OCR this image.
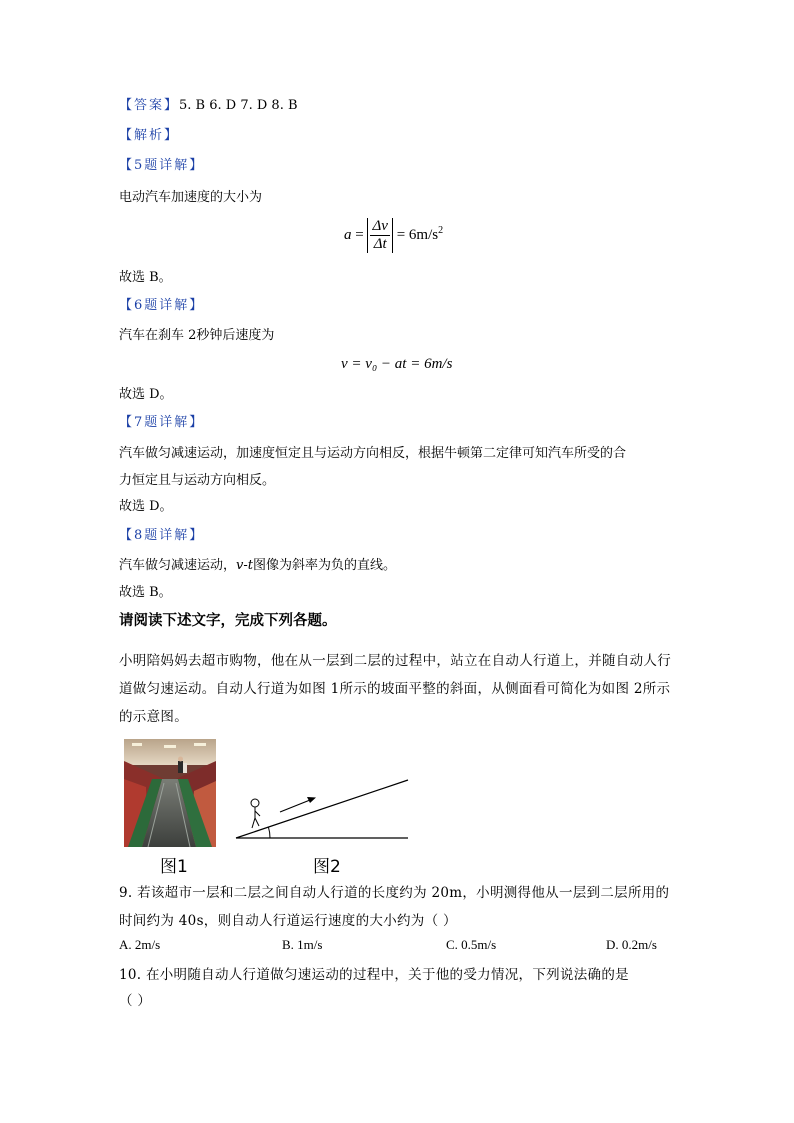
【答案】5. B 6. D 7. D 8. B
【解析】
【5题详解】
电动汽车加速度的大小为
$a = \frac{\Delta v}{\Delta t} = 6m/s^2$
故选 B。
【6题详解】
汽车在刹车 2秒钟后速度为
v = v₀ − at = 6m/s
故选 D。
【7题详解】
汽车做匀减速运动，加速度恒定且与运动方向相反，根据牛顿第二定律可知汽车所受的合
力恒定且与运动方向相反。
故选 D。
【8题详解】
汽车做匀减速运动，v-t图像为斜率为负的直线。
故选 B。
请阅读下述文字，完成下列各题。
小明陪妈妈去超市购物，他在从一层到二层的过程中，站立在自动人行道上，并随自动人行道做匀速运动。自动人行道为如图 1所示的坡面平整的斜面，从侧面看可简化为如图 2所示的示意图。
图1	图2
9. 若该超市一层和二层之间自动人行道的长度约为 20m，小明测得他从一层到二层所用的
时间约为 40s，则自动人行道运行速度的大小约为（ ）
A. 2m/s	B. 1m/s	C. 0.5m/s	D. 0.2m/s
10. 在小明随自动人行道做匀速运动的过程中，关于他的受力情况，下列说法确的是
（ ）
